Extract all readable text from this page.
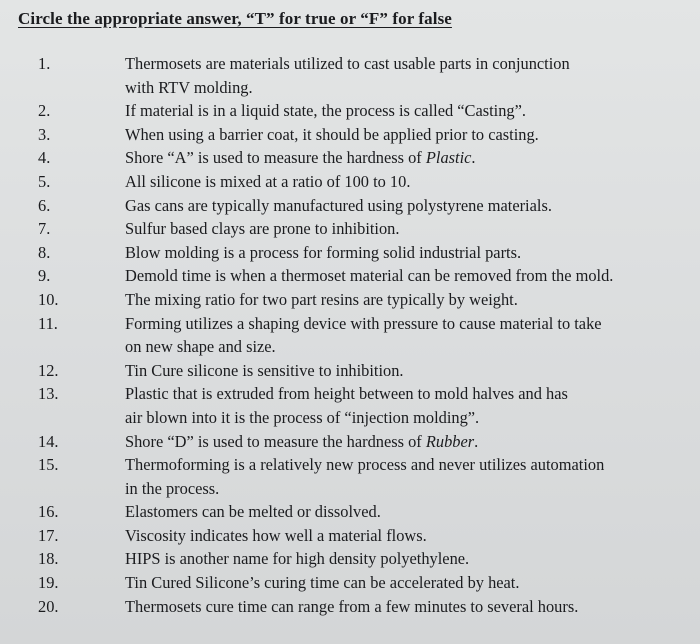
Circle the appropriate answer, “T” for true or “F” for false
1.	Thermosets are materials utilized to cast usable parts in conjunction
with RTV molding.
2.	If material is in a liquid state, the process is called “Casting”.
3.	When using a barrier coat, it should be applied prior to casting.
4.	Shore “A” is used to measure the hardness of Plastic.
5.	All silicone is mixed at a ratio of 100 to 10.
6.	Gas cans are typically manufactured using polystyrene materials.
7.	Sulfur based clays are prone to inhibition.
8.	Blow molding is a process for forming solid industrial parts.
9.	Demold time is when a thermoset material can be removed from the mold.
10.	The mixing ratio for two part resins are typically by weight.
11.	Forming utilizes a shaping device with pressure to cause material to take
on new shape and size.
12.	Tin Cure silicone is sensitive to inhibition.
13.	Plastic that is extruded from height between to mold halves and has
air blown into it is the process of “injection molding”.
14.	Shore “D” is used to measure the hardness of Rubber.
15.	Thermoforming is a relatively new process and never utilizes automation
in the process.
16.	Elastomers can be melted or dissolved.
17.	Viscosity indicates how well a material flows.
18.	HIPS is another name for high density polyethylene.
19.	Tin Cured Silicone’s curing time can be accelerated by heat.
20.	Thermosets cure time can range from a few minutes to several hours.
